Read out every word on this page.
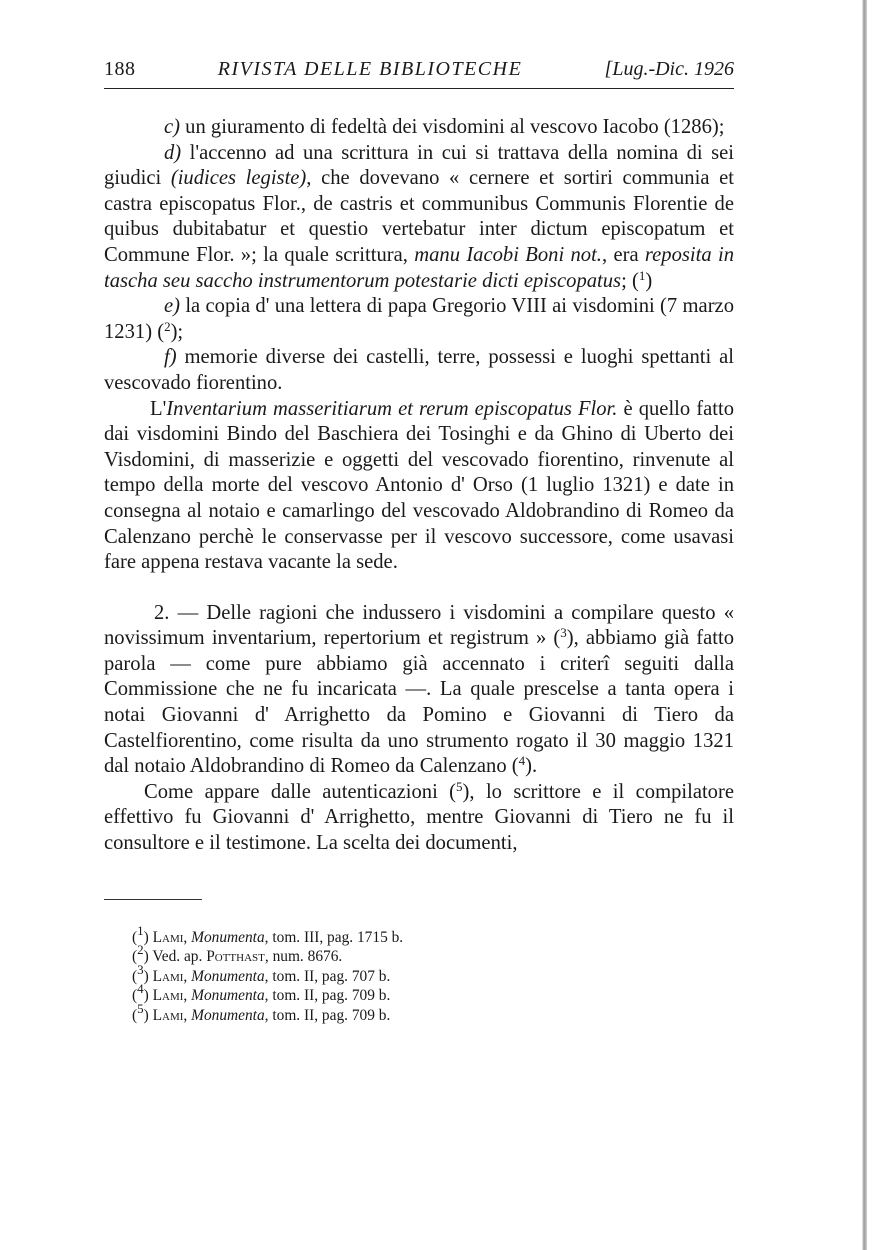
188	RIVISTA DELLE BIBLIOTECHE	[Lug.-Dic. 1926

c) un giuramento di fedeltà dei visdomini al vescovo Iacobo (1286);

d) l'accenno ad una scrittura in cui si trattava della nomina di sei giudici (iudices legiste), che dovevano « cernere et sortiri communia et castra episcopatus Flor., de castris et communibus Communis Florentie de quibus dubitabatur et questio vertebatur inter dictum episcopatum et Commune Flor. »; la quale scrittura, manu Iacobi Boni not., era reposita in tascha seu saccho instrumentorum potestarie dicti episcopatus; ($^1$)

e) la copia d' una lettera di papa Gregorio VIII ai visdomini (7 marzo 1231) ($^2$);

f) memorie diverse dei castelli, terre, possessi e luoghi spettanti al vescovado fiorentino.

L'Inventarium masseritiarum et rerum episcopatus Flor. è quello fatto dai visdomini Bindo del Baschiera dei Tosinghi e da Ghino di Uberto dei Visdomini, di masserizie e oggetti del vescovado fiorentino, rinvenute al tempo della morte del vescovo Antonio d' Orso (1 luglio 1321) e date in consegna al notaio e camarlingo del vescovado Aldobrandino di Romeo da Calenzano perchè le conservasse per il vescovo successore, come usavasi fare appena restava vacante la sede.

2. — Delle ragioni che indussero i visdomini a compilare questo « novissimum inventarium, repertorium et registrum » ($^3$), abbiamo già fatto parola — come pure abbiamo già accennato i criterî seguiti dalla Commissione che ne fu incaricata —. La quale prescelse a tanta opera i notai Giovanni d' Arrighetto da Pomino e Giovanni di Tiero da Castelfiorentino, come risulta da uno strumento rogato il 30 maggio 1321 dal notaio Aldobrandino di Romeo da Calenzano ($^4$).

Come appare dalle autenticazioni ($^5$), lo scrittore e il compilatore effettivo fu Giovanni d' Arrighetto, mentre Giovanni di Tiero ne fu il consultore e il testimone. La scelta dei documenti,

($^1$) Lami, Monumenta, tom. III, pag. 1715 b.
($^2$) Ved. ap. Potthast, num. 8676.
($^3$) Lami, Monumenta, tom. II, pag. 707 b.
($^4$) Lami, Monumenta, tom. II, pag. 709 b.
($^5$) Lami, Monumenta, tom. II, pag. 709 b.
